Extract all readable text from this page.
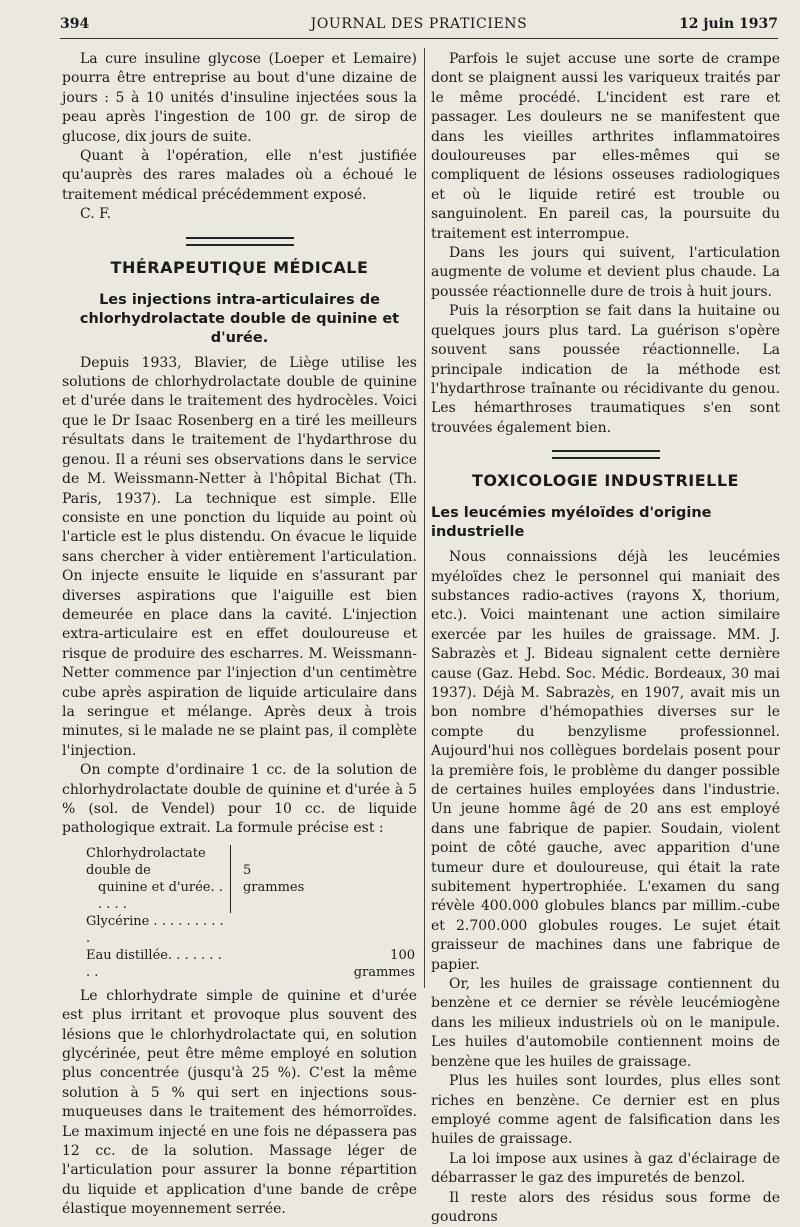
394	JOURNAL DES PRATICIENS	12 juin 1937

La cure insuline glycose (Loeper et Lemaire) pourra être entreprise au bout d'une dizaine de jours : 5 à 10 unités d'insuline injectées sous la peau après l'ingestion de 100 gr. de sirop de glucose, dix jours de suite.

Quant à l'opération, elle n'est justifiée qu'auprès des rares malades où a échoué le traitement médical précédemment exposé.

C. F.

THÉRAPEUTIQUE MÉDICALE
Les injections intra-articulaires de chlorhydrolactate double de quinine et d'urée.

Depuis 1933, Blavier, de Liège utilise les solutions de chlorhydrolactate double de quinine et d'urée dans le traitement des hydrocèles. Voici que le Dr Isaac Rosenberg en a tiré les meilleurs résultats dans le traitement de l'hydarthrose du genou. Il a réuni ses observations dans le service de M. Weissmann-Netter à l'hôpital Bichat (Th. Paris, 1937). La technique est simple. Elle consiste en une ponction du liquide au point où l'article est le plus distendu. On évacue le liquide sans chercher à vider entièrement l'articulation. On injecte ensuite le liquide en s'assurant par diverses aspirations que l'aiguille est bien demeurée en place dans la cavité. L'injection extra-articulaire est en effet douloureuse et risque de produire des escharres. M. Weissmann-Netter commence par l'injection d'un centimètre cube après aspiration de liquide articulaire dans la seringue et mélange. Après deux à trois minutes, si le malade ne se plaint pas, il complète l'injection.

On compte d'ordinaire 1 cc. de la solution de chlorhydrolactate double de quinine et d'urée à 5 % (sol. de Vendel) pour 10 cc. de liquide pathologique extrait. La formule précise est :

Chlorhydrolactate double de	5 grammes	
quinine et d'urée. . . . . .		
Glycérine . . . . . . . . . .		
Eau distillée. . . . . . . . .		100 grammes

Le chlorhydrate simple de quinine et d'urée est plus irritant et provoque plus souvent des lésions que le chlorhydrolactate qui, en solution glycérinée, peut être même employé en solution plus concentrée (jusqu'à 25 %). C'est la même solution à 5 % qui sert en injections sous-muqueuses dans le traitement des hémorroïdes. Le maximum injecté en une fois ne dépassera pas 12 cc. de la solution. Massage léger de l'articulation pour assurer la bonne répartition du liquide et application d'une bande de crêpe élastique moyennement serrée.

Parfois le sujet accuse une sorte de crampe dont se plaignent aussi les variqueux traités par le même procédé. L'incident est rare et passager. Les douleurs ne se manifestent que dans les vieilles arthrites inflammatoires douloureuses par elles-mêmes qui se compliquent de lésions osseuses radiologiques et où le liquide retiré est trouble ou sanguinolent. En pareil cas, la poursuite du traitement est interrompue.

Dans les jours qui suivent, l'articulation augmente de volume et devient plus chaude. La poussée réactionnelle dure de trois à huit jours.

Puis la résorption se fait dans la huitaine ou quelques jours plus tard. La guérison s'opère souvent sans poussée réactionnelle. La principale indication de la méthode est l'hydarthrose traînante ou récidivante du genou. Les hémarthroses traumatiques s'en sont trouvées également bien.

TOXICOLOGIE INDUSTRIELLE
Les leucémies myéloïdes d'origine industrielle

Nous connaissions déjà les leucémies myéloïdes chez le personnel qui maniait des substances radio-actives (rayons X, thorium, etc.). Voici maintenant une action similaire exercée par les huiles de graissage. MM. J. Sabrazès et J. Bideau signalent cette dernière cause (Gaz. Hebd. Soc. Médic. Bordeaux, 30 mai 1937). Déjà M. Sabrazès, en 1907, avait mis un bon nombre d'hémopathies diverses sur le compte du benzylisme professionnel. Aujourd'hui nos collègues bordelais posent pour la première fois, le problème du danger possible de certaines huiles employées dans l'industrie. Un jeune homme âgé de 20 ans est employé dans une fabrique de papier. Soudain, violent point de côté gauche, avec apparition d'une tumeur dure et douloureuse, qui était la rate subitement hypertrophiée. L'examen du sang révèle 400.000 globules blancs par millim.-cube et 2.700.000 globules rouges. Le sujet était graisseur de machines dans une fabrique de papier.

Or, les huiles de graissage contiennent du benzène et ce dernier se révèle leucémiogène dans les milieux industriels où on le manipule. Les huiles d'automobile contiennent moins de benzène que les huiles de graissage.

Plus les huiles sont lourdes, plus elles sont riches en benzène. Ce dernier est en plus employé comme agent de falsification dans les huiles de graissage.

La loi impose aux usines à gaz d'éclairage de débarrasser le gaz des impuretés de benzol.

Il reste alors des résidus sous forme de goudrons
